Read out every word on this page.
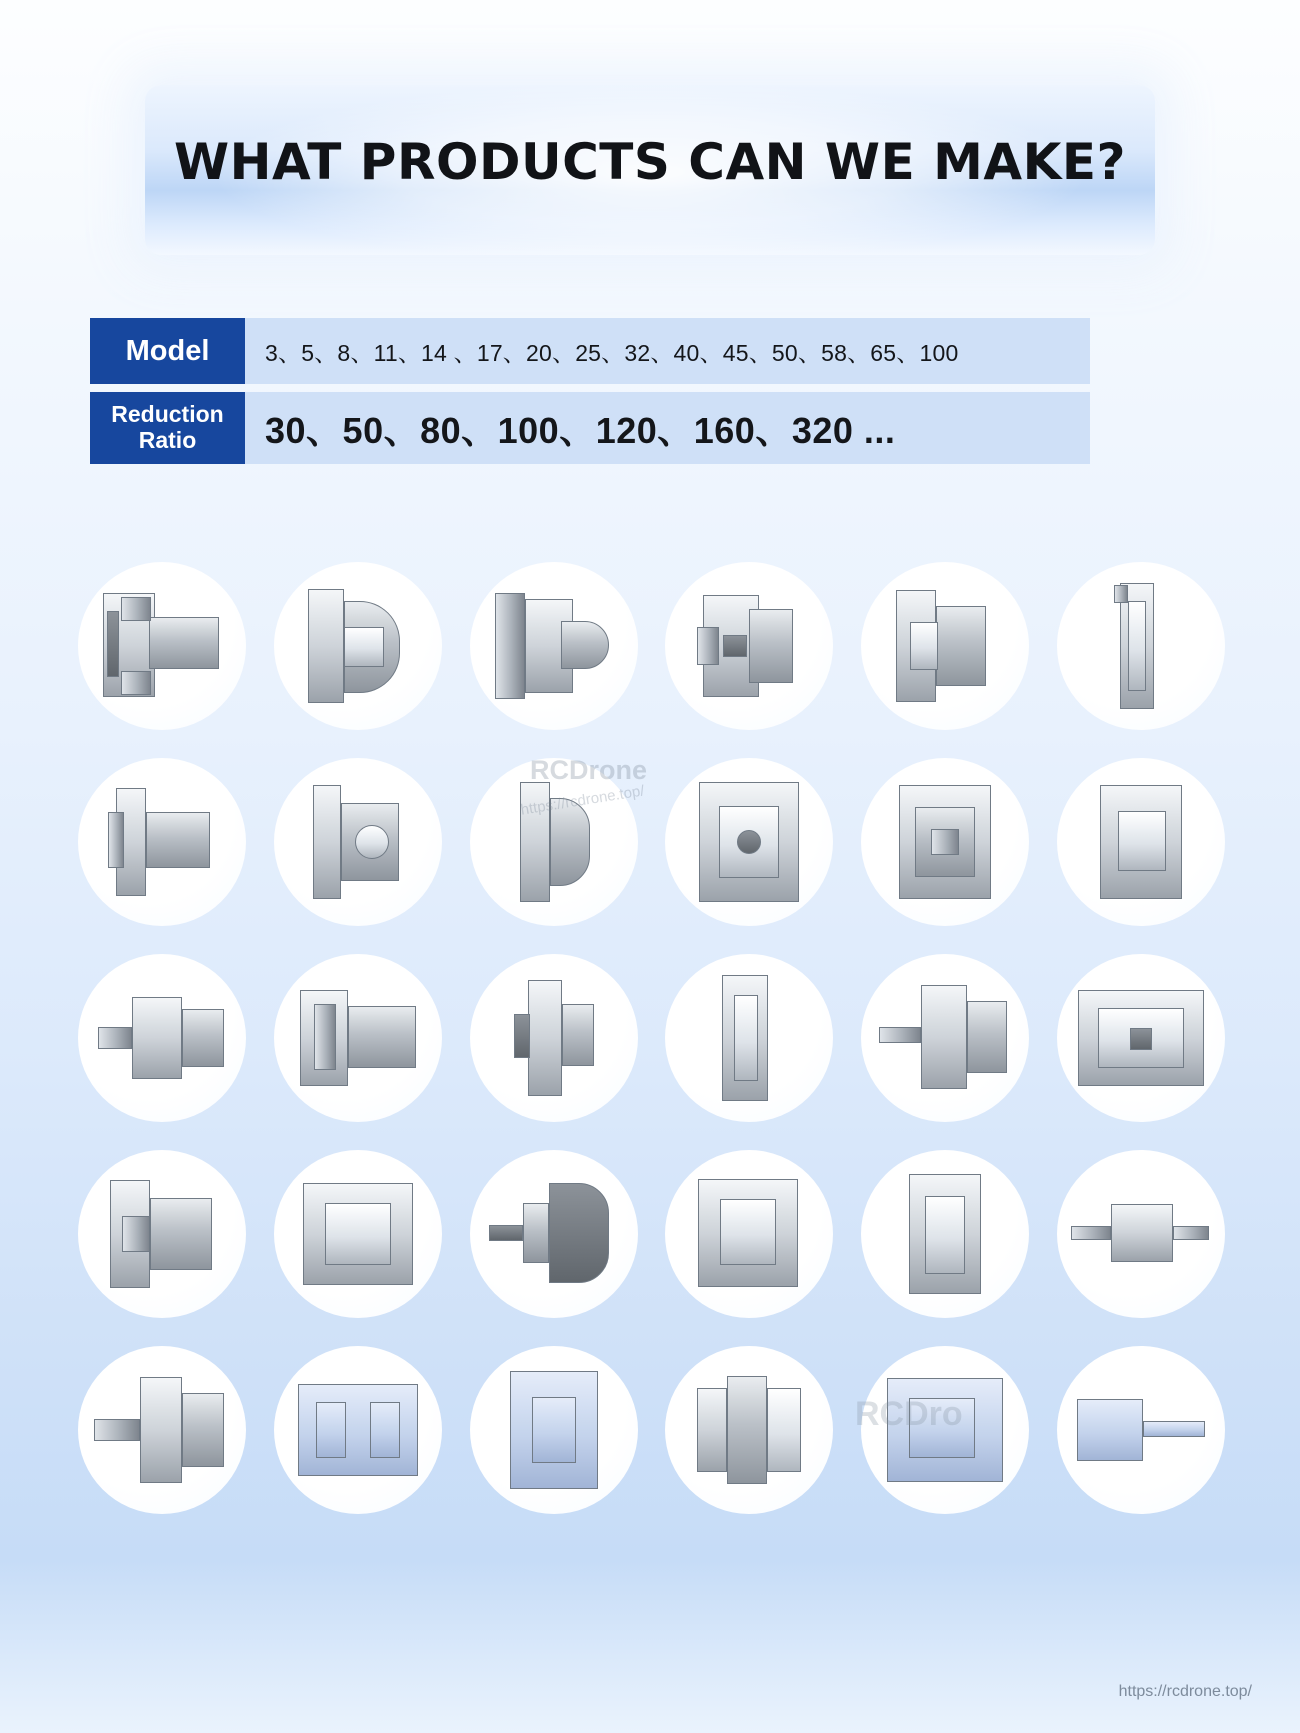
WHAT PRODUCTS CAN WE MAKE?
Model	3、5、8、11、14 、17、20、25、32、40、45、50、58、65、100
Reduction Ratio	30、50、80、100、120、160、320 ...
RCDrone
https://rcdrone.top/
RCDro
https://rcdrone.top/
